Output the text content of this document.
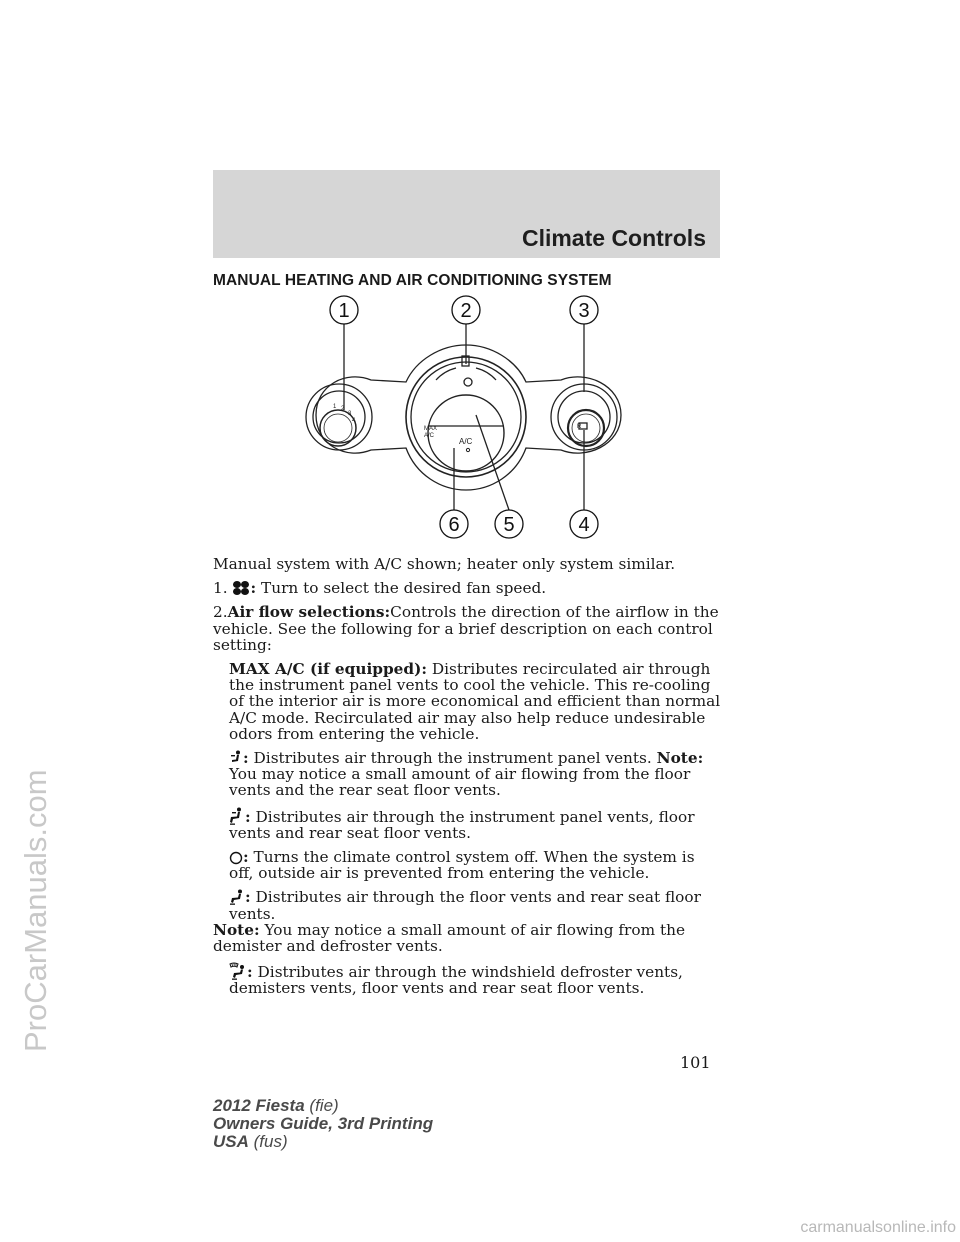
Climate Controls
MANUAL HEATING AND AIR CONDITIONING SYSTEM
MAX
A/C
A/C
1 2
3
4
R
1	2	3
4
5
6

Manual system with A/C shown; heater only system similar.

1. : Turn to select the desired fan speed.

2.Air flow selections:Controls the direction of the airflow in the vehicle. See the following for a brief description on each control setting:

MAX A/C (if equipped): Distributes recirculated air through the instrument panel vents to cool the vehicle. This re-cooling of the interior air is more economical and efficient than normal A/C mode. Recirculated air may also help reduce undesirable odors from entering the vehicle.

: Distributes air through the instrument panel vents. Note: You may notice a small amount of air flowing from the floor vents and the rear seat floor vents.

: Distributes air through the instrument panel vents, floor vents and rear seat floor vents.

: Turns the climate control system off. When the system is off, outside air is prevented from entering the vehicle.

: Distributes air through the floor vents and rear seat floor vents.

Note: You may notice a small amount of air flowing from the demister and defroster vents.

: Distributes air through the windshield defroster vents, demisters vents, floor vents and rear seat floor vents.

101
2012 Fiesta (fie)
Owners Guide, 3rd Printing
USA (fus)
ProCarManuals.com
carmanualsonline.info
